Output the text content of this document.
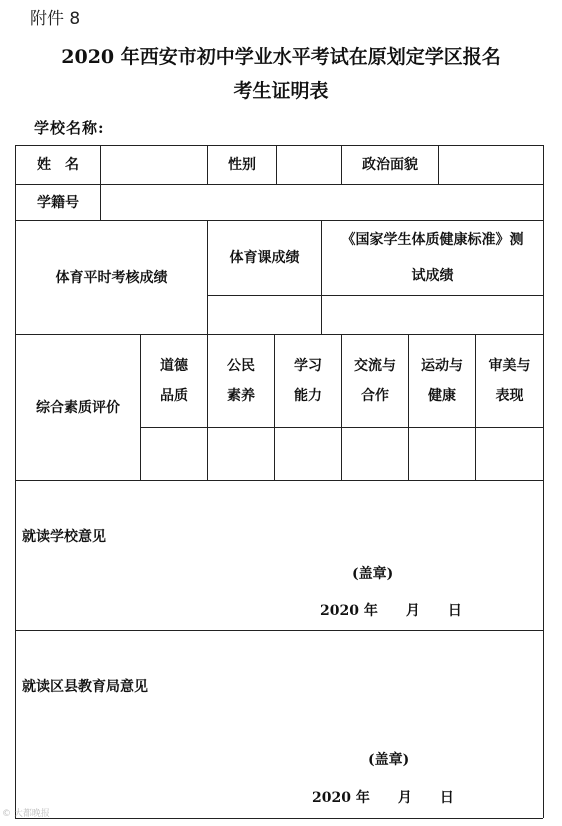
附件 8
2020 年西安市初中学业水平考试在原划定学区报名
考生证明表
学校名称:
姓　名	性别	政治面貌
学籍号
体育平时考核成绩
体育课成绩
《国家学生体质健康标准》测
试成绩
综合素质评价
道德
品质
公民
素养
学习
能力
交流与
合作
运动与
健康
审美与
表现
就读学校意见
(盖章)
2020 年　　月　　日
就读区县教育局意见
(盖章)
2020 年　　月　　日
© 大都晚报
